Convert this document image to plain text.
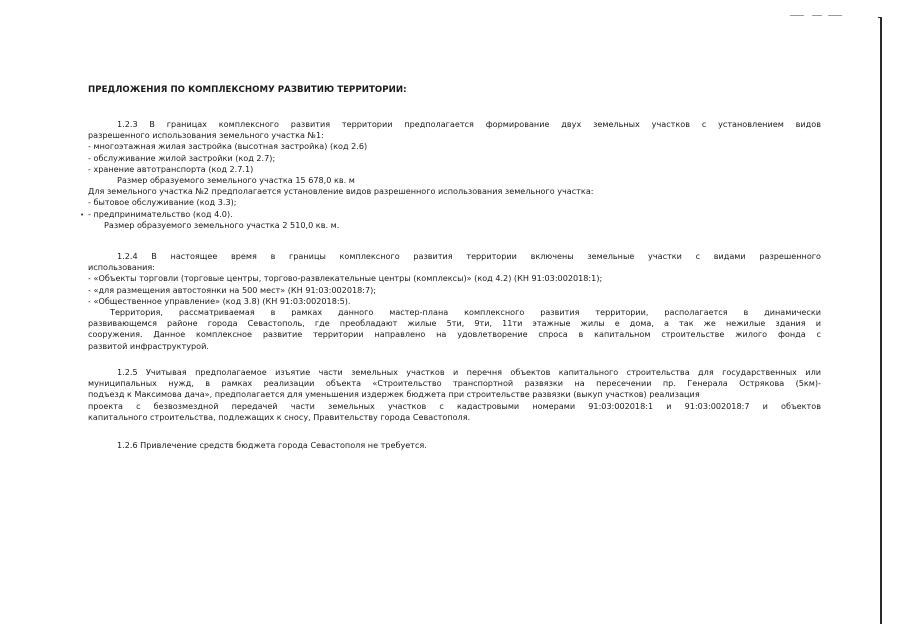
ПРЕДЛОЖЕНИЯ ПО КОМПЛЕКСНОМУ РАЗВИТИЮ ТЕРРИТОРИИ:
•
1.2.3 В границах комплексного развития территории предполагается формирование двух земельных участков с установлением видов
разрешенного использования земельного участка №1:
- многоэтажная жилая застройка (высотная застройка) (код 2.6)
- обслуживание жилой застройки (код 2.7);
- хранение автотранспорта (код 2.7.1)
Размер образуемого земельного участка 15 678,0 кв. м
Для земельного участка №2 предполагается установление видов разрешенного использования земельного участка:
- бытовое обслуживание (код 3.3);
- предпринимательство (код 4.0).
Размер образуемого земельного участка 2 510,0 кв. м.
1.2.4 В настоящее время в границы комплексного развития территории включены земельные участки с видами разрешенного
использования:
- «Объекты торговли (торговые центры, торгово-развлекательные центры (комплексы)» (код 4.2) (КН 91:03:002018:1);
- «для размещения автостоянки на 500 мест» (КН 91:03:002018:7);
- «Общественное управление» (код 3.8) (КН 91:03:002018:5).
Территория, рассматриваемая в рамках данного мастер-плана комплексного развития территории, располагается в динамически
развивающемся районе города Севастополь, где преобладают жилые 5ти, 9ти, 11ти этажные жилы е дома, а так же нежилые здания и
сооружения. Данное комплексное развитие территории направлено на удовлетворение спроса в капитальном строительстве жилого фонда с
развитой инфраструктурой.
1.2.5 Учитывая предполагаемое изъятие части земельных участков и перечня объектов капитального строительства для государственных или
муниципальных нужд, в рамках реализации объекта «Строительство транспортной развязки на пересечении пр. Генерала Острякова (5км)-
подъезд к Максимова дача», предполагается для уменьшения издержек бюджета при строительстве развязки (выкуп участков) реализация
проекта с безвозмездной передачей части земельных участков с кадастровыми номерами 91:03:002018:1 и 91:03:002018:7 и объектов
капитального строительства, подлежащих к сносу, Правительству города Севастополя.
1.2.6 Привлечение средств бюджета города Севастополя не требуется.
